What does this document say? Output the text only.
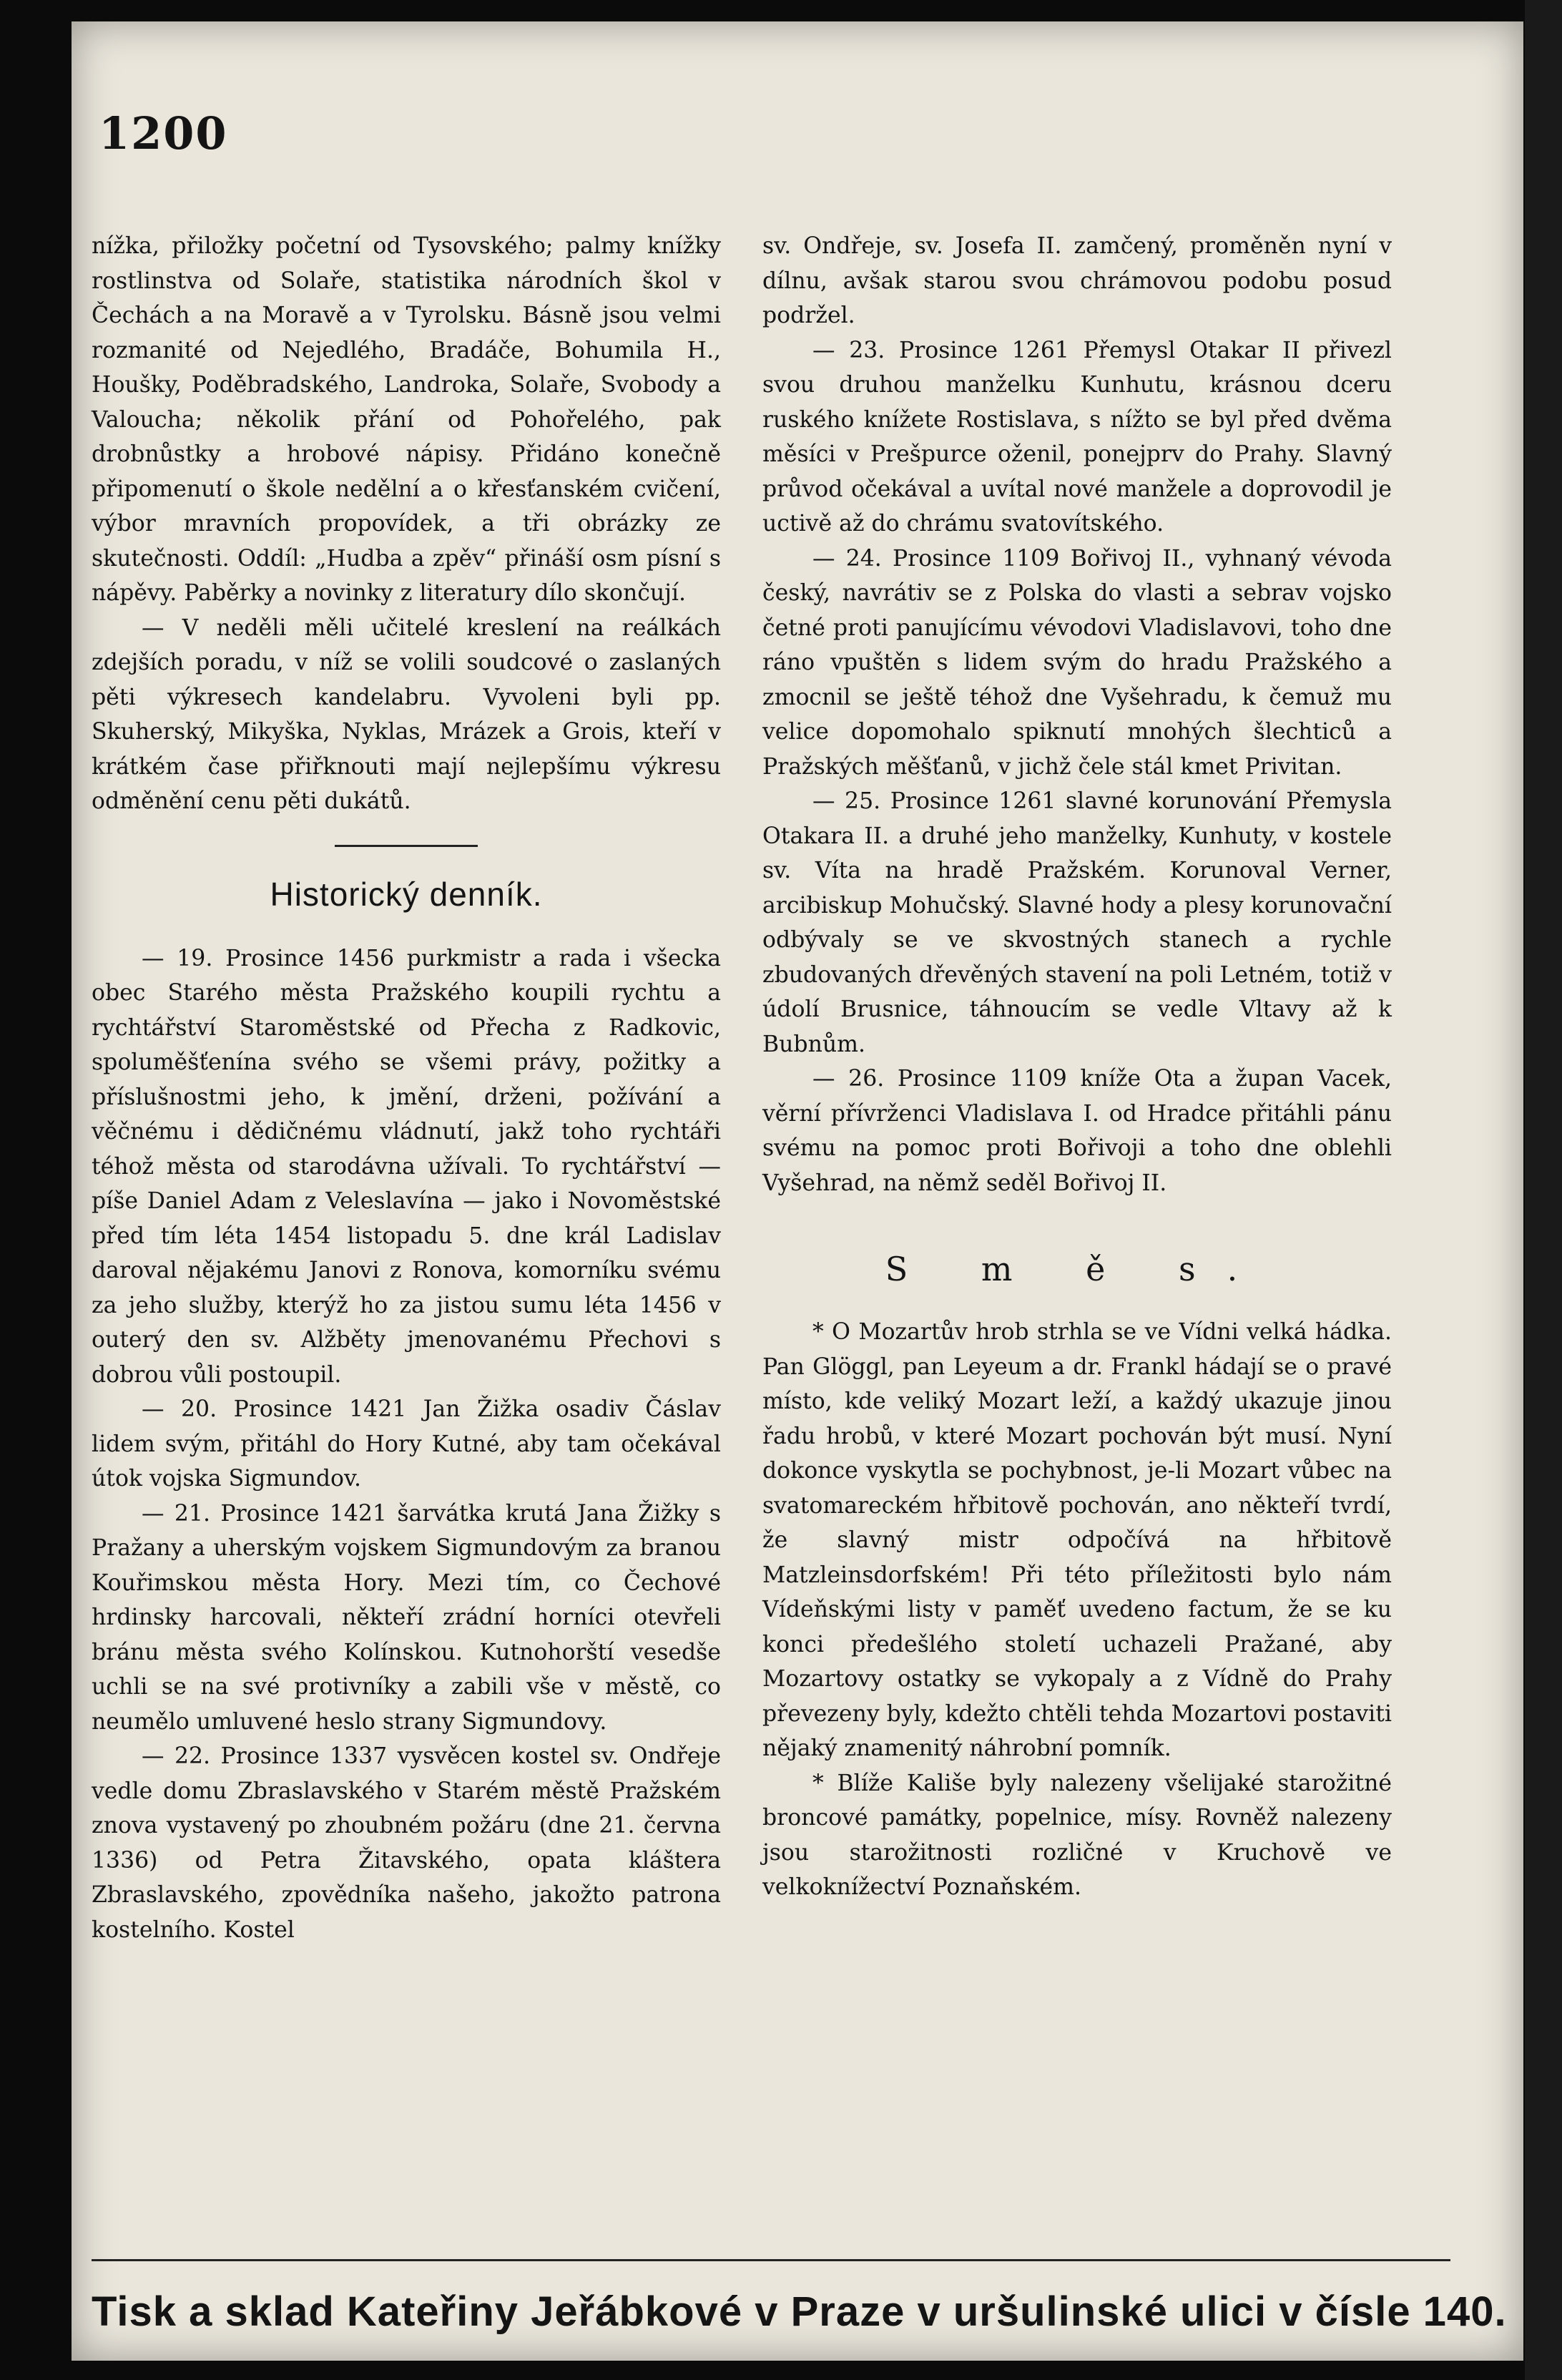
1200

nížka, přiložky početní od Tysovského; palmy knížky rostlinstva od Solaře, statistika národních škol v Čechách a na Moravě a v Tyrolsku. Básně jsou velmi rozmanité od Nejedlého, Bradáče, Bohumila H., Houšky, Poděbradského, Landroka, Solaře, Svobody a Valoucha; několik přání od Pohořelého, pak drobnůstky a hrobové nápisy. Přidáno konečně připomenutí o škole nedělní a o křesťanském cvičení, výbor mravních propovídek, a tři obrázky ze skutečnosti. Oddíl: „Hudba a zpěv“ přináší osm písní s nápěvy. Paběrky a novinky z literatury dílo skončují.

— V neděli měli učitelé kreslení na reálkách zdejších poradu, v níž se volili soudcové o zaslaných pěti výkresech kandelabru. Vyvoleni byli pp. Skuherský, Mikyška, Nyklas, Mrázek a Grois, kteří v krátkém čase přiřknouti mají nejlepšímu výkresu odměnění cenu pěti dukátů.

Historický denník.

— 19. Prosince 1456 purkmistr a rada i všecka obec Starého města Pražského koupili rychtu a rychtářství Staroměstské od Přecha z Radkovic, spoluměšťenína svého se všemi právy, požitky a příslušnostmi jeho, k jmění, drženi, požívání a věčnému i dědičnému vládnutí, jakž toho rychtáři téhož města od starodávna užívali. To rychtářství — píše Daniel Adam z Veleslavína — jako i Novoměstské před tím léta 1454 listopadu 5. dne král Ladislav daroval nějakému Janovi z Ronova, komorníku svému za jeho služby, kterýž ho za jistou sumu léta 1456 v outerý den sv. Alžběty jmenovanému Přechovi s dobrou vůli postoupil.

— 20. Prosince 1421 Jan Žižka osadiv Čáslav lidem svým, přitáhl do Hory Kutné, aby tam očekával útok vojska Sigmundov.

— 21. Prosince 1421 šarvátka krutá Jana Žižky s Pražany a uherským vojskem Sigmundovým za branou Kouřimskou města Hory. Mezi tím, co Čechové hrdinsky harcovali, někteří zrádní horníci otevřeli bránu města svého Kolínskou. Kutnohorští vesedše uchli se na své protivníky a zabili vše v městě, co neumělo umluvené heslo strany Sigmundovy.

— 22. Prosince 1337 vysvěcen kostel sv. Ondřeje vedle domu Zbraslavského v Starém městě Pražském znova vystavený po zhoubném požáru (dne 21. června 1336) od Petra Žitavského, opata kláštera Zbraslavského, zpovědníka našeho, jakožto patrona kostelního. Kostel

sv. Ondřeje, sv. Josefa II. zamčený, proměněn nyní v dílnu, avšak starou svou chrámovou podobu posud podržel.

— 23. Prosince 1261 Přemysl Otakar II přivezl svou druhou manželku Kunhutu, krásnou dceru ruského knížete Rostislava, s nížto se byl před dvěma měsíci v Prešpurce oženil, ponejprv do Prahy. Slavný průvod očekával a uvítal nové manžele a doprovodil je uctivě až do chrámu svatovítského.

— 24. Prosince 1109 Bořivoj II., vyhnaný vévoda český, navrátiv se z Polska do vlasti a sebrav vojsko četné proti panujícímu vévodovi Vladislavovi, toho dne ráno vpuštěn s lidem svým do hradu Pražského a zmocnil se ještě téhož dne Vyšehradu, k čemuž mu velice dopomohalo spiknutí mnohých šlechticů a Pražských měšťanů, v jichž čele stál kmet Privitan.

— 25. Prosince 1261 slavné korunování Přemysla Otakara II. a druhé jeho manželky, Kunhuty, v kostele sv. Víta na hradě Pražském. Korunoval Verner, arcibiskup Mohučský. Slavné hody a plesy korunovační odbývaly se ve skvostných stanech a rychle zbudovaných dřevěných stavení na poli Letném, totiž v údolí Brusnice, táhnoucím se vedle Vltavy až k Bubnům.

— 26. Prosince 1109 kníže Ota a župan Vacek, věrní přívrženci Vladislava I. od Hradce přitáhli pánu svému na pomoc proti Bořivoji a toho dne oblehli Vyšehrad, na němž seděl Bořivoj II.

S m ě s.

* O Mozartův hrob strhla se ve Vídni velká hádka. Pan Glöggl, pan Leyeum a dr. Frankl hádají se o pravé místo, kde veliký Mozart leží, a každý ukazuje jinou řadu hrobů, v které Mozart pochován být musí. Nyní dokonce vyskytla se pochybnost, je-li Mozart vůbec na svatomareckém hřbitově pochován, ano někteří tvrdí, že slavný mistr odpočívá na hřbitově Matzleinsdorfském! Při této příležitosti bylo nám Vídeňskými listy v paměť uvedeno factum, že se ku konci předešlého století uchazeli Pražané, aby Mozartovy ostatky se vykopaly a z Vídně do Prahy převezeny byly, kdežto chtěli tehda Mozartovi postaviti nějaký znamenitý náhrobní pomník.

* Blíže Kališe byly nalezeny všelijaké starožitné broncové památky, popelnice, mísy. Rovněž nalezeny jsou starožitnosti rozličné v Kruchově ve velkoknížectví Poznaňském.

Tisk a sklad Kateřiny Jeřábkové v Praze v uršulinské ulici v čísle 140.
